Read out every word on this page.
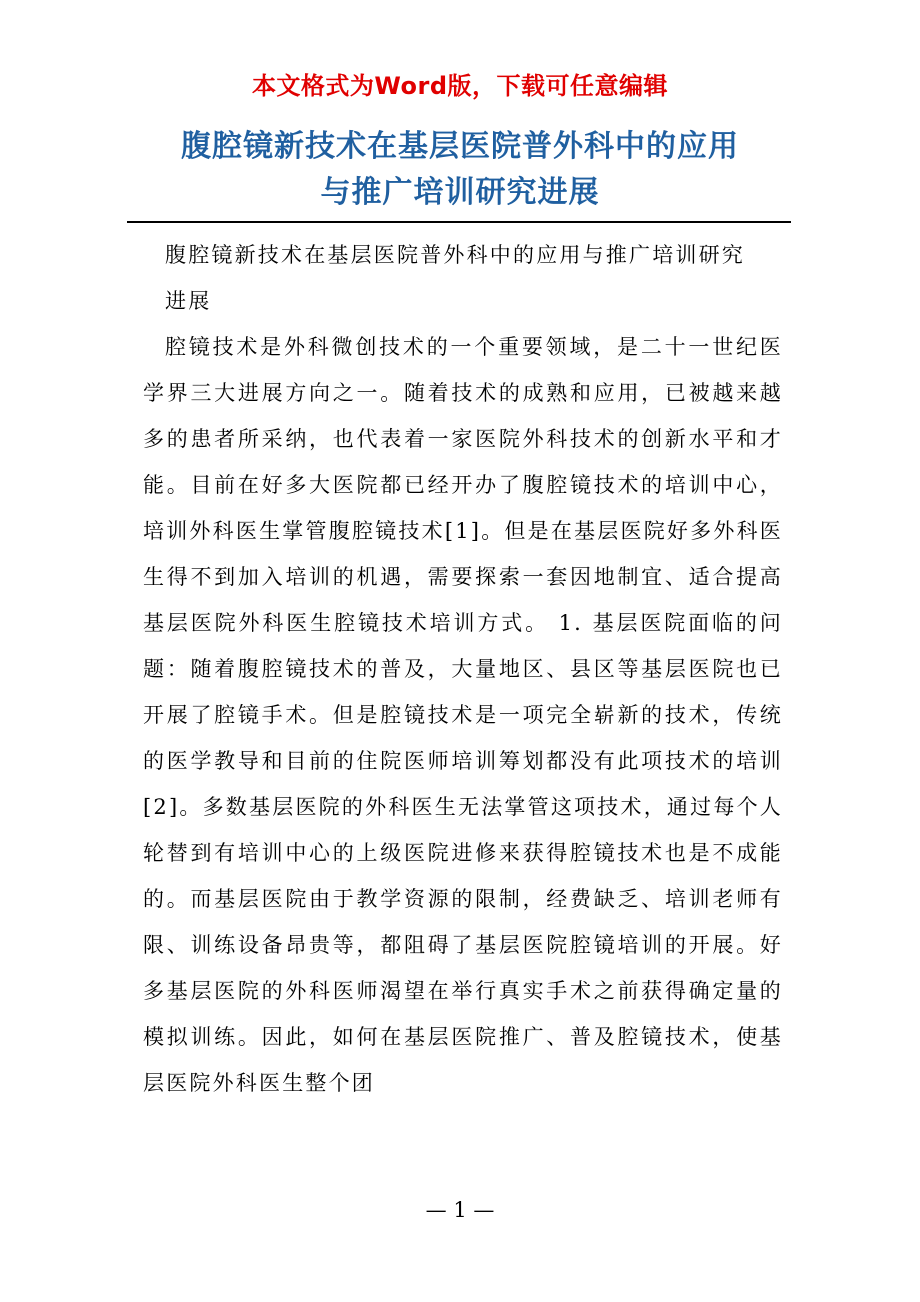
本文格式为Word版，下载可任意编辑
腹腔镜新技术在基层医院普外科中的应用
与推广培训研究进展

腹腔镜新技术在基层医院普外科中的应用与推广培训研究

进展

腔镜技术是外科微创技术的一个重要领域，是二十一世纪医学界三大进展方向之一。随着技术的成熟和应用，已被越来越多的患者所采纳，也代表着一家医院外科技术的创新水平和才能。目前在好多大医院都已经开办了腹腔镜技术的培训中心，培训外科医生掌管腹腔镜技术[1]。但是在基层医院好多外科医生得不到加入培训的机遇，需要探索一套因地制宜、适合提高基层医院外科医生腔镜技术培训方式。 1. 基层医院面临的问题：随着腹腔镜技术的普及，大量地区、县区等基层医院也已开展了腔镜手术。但是腔镜技术是一项完全崭新的技术，传统的医学教导和目前的住院医师培训筹划都没有此项技术的培训[2]。多数基层医院的外科医生无法掌管这项技术，通过每个人轮替到有培训中心的上级医院进修来获得腔镜技术也是不成能的。而基层医院由于教学资源的限制，经费缺乏、培训老师有限、训练设备昂贵等，都阻碍了基层医院腔镜培训的开展。好多基层医院的外科医师渴望在举行真实手术之前获得确定量的模拟训练。因此，如何在基层医院推广、普及腔镜技术，使基层医院外科医生整个团

— 1 —
